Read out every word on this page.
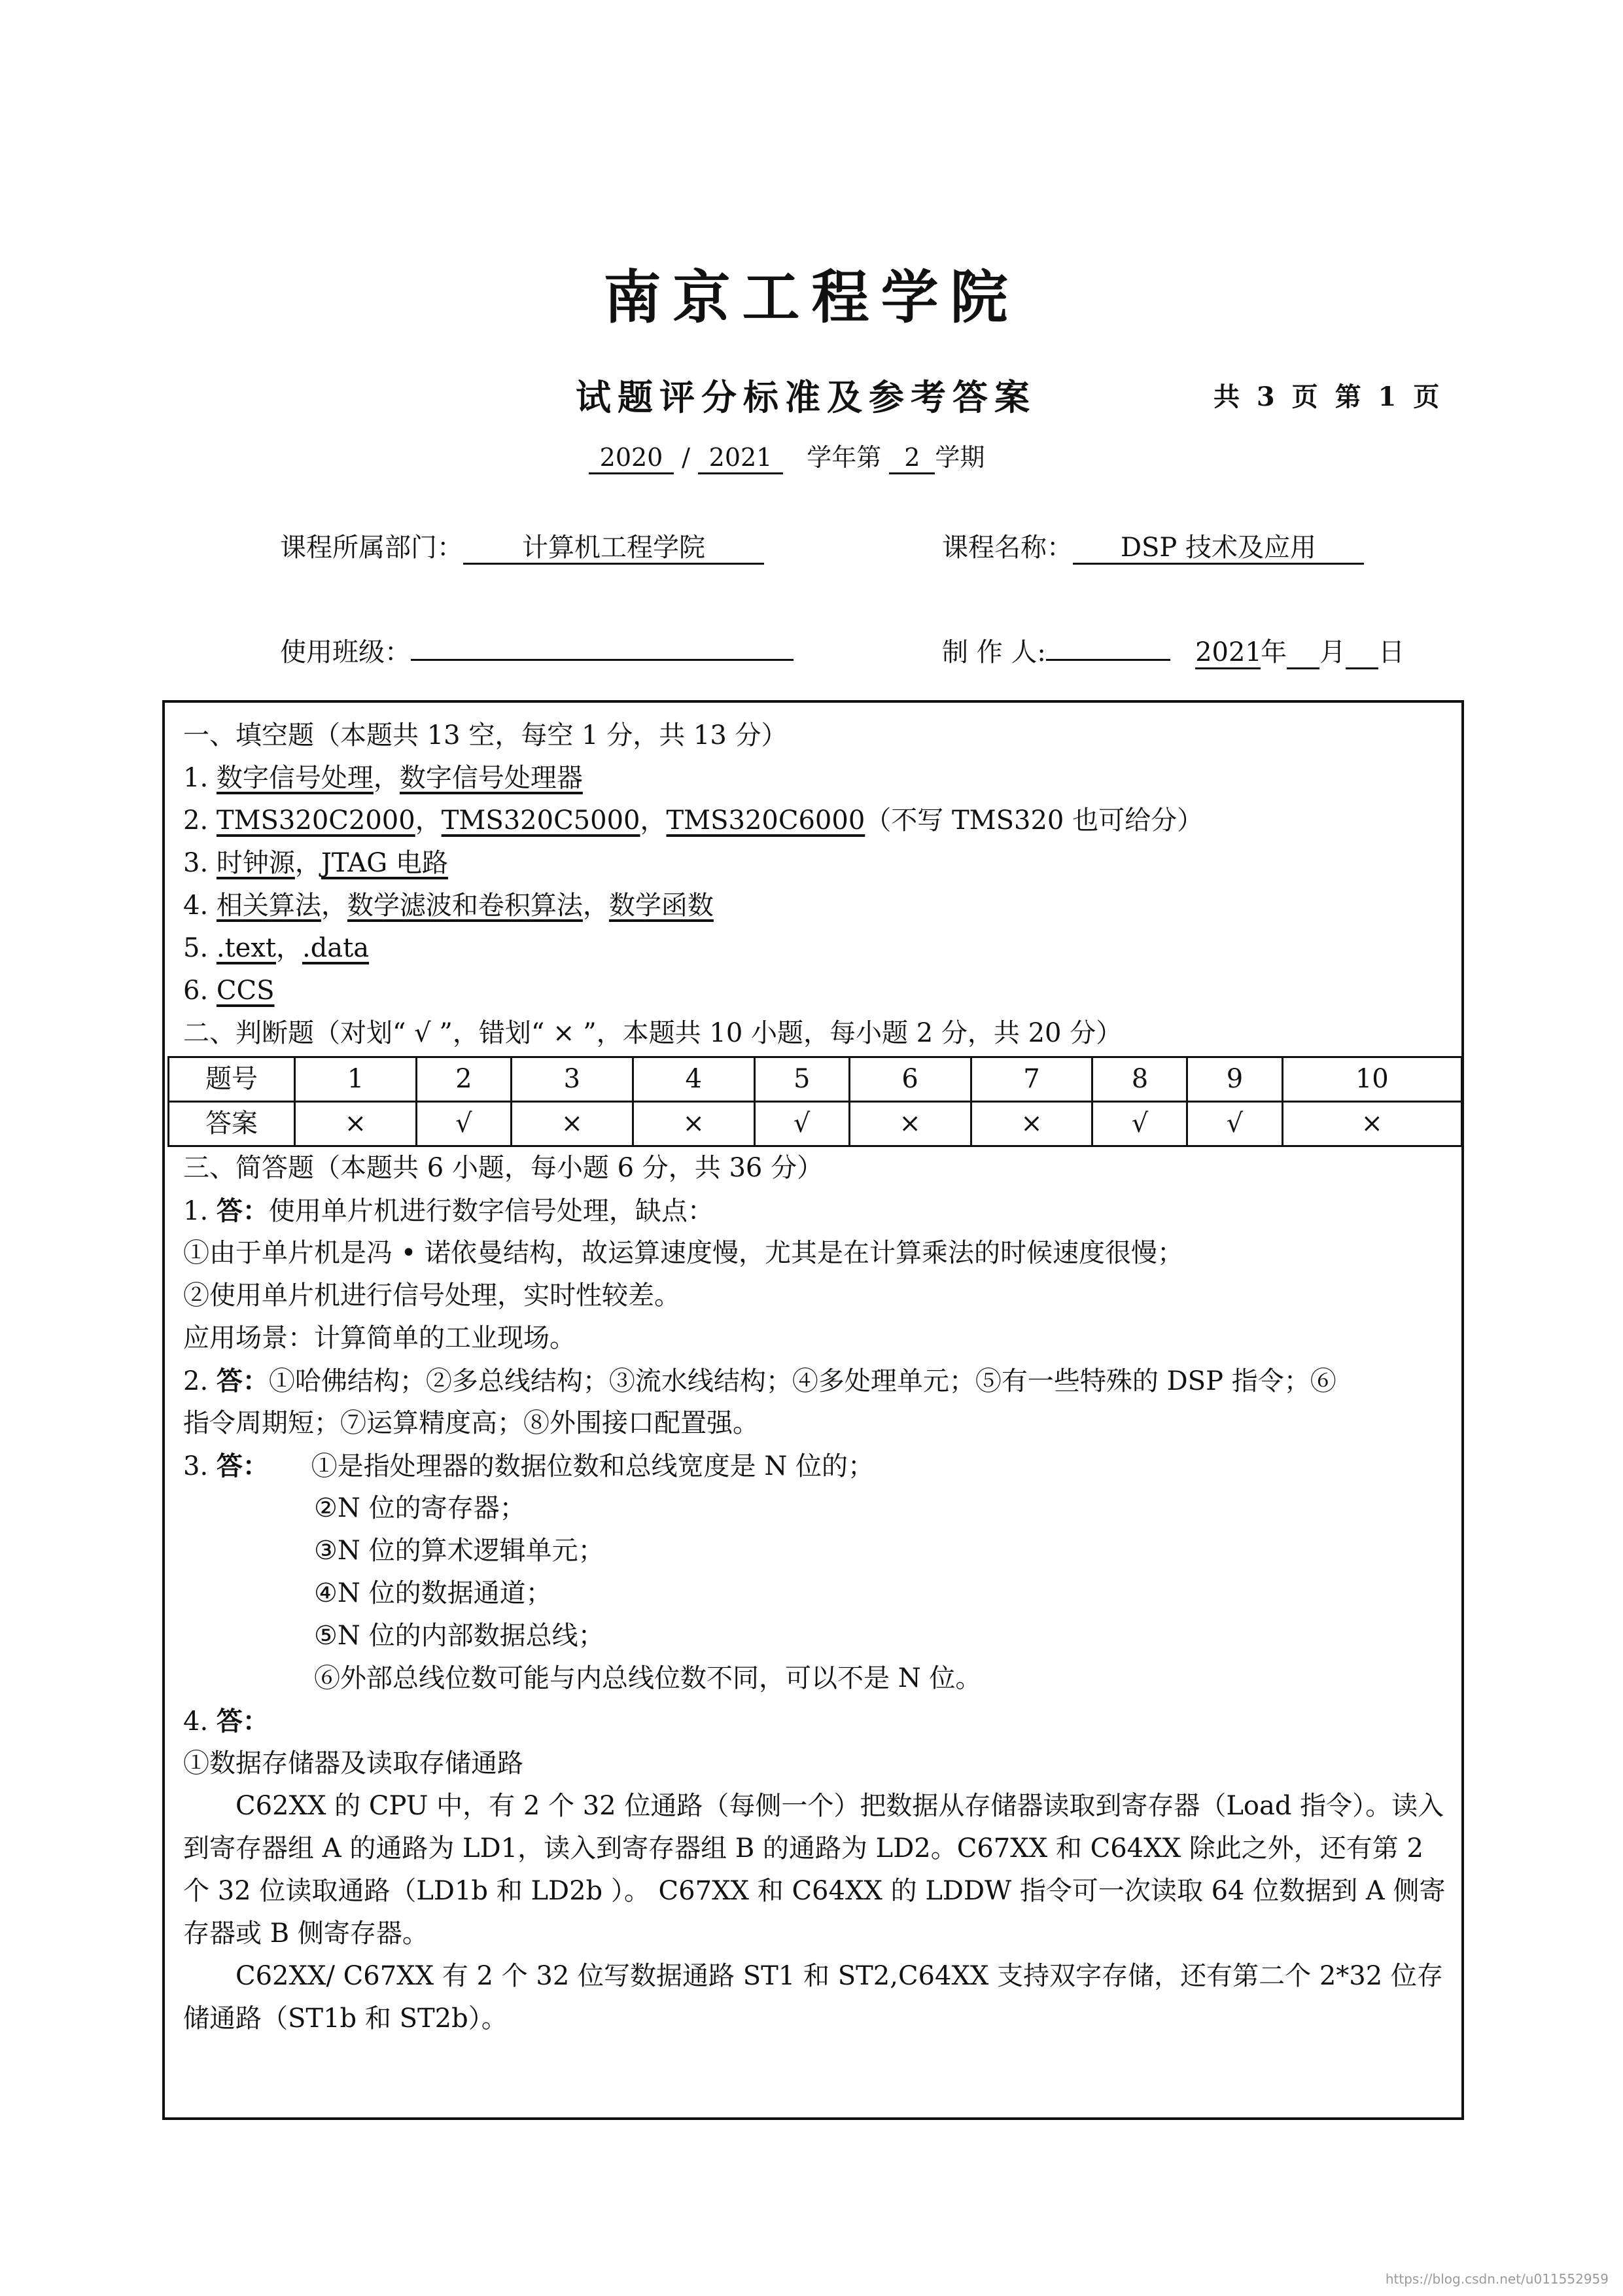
南京工程学院
试题评分标准及参考答案	共 3 页 第 1 页
2020 / 2021 学年第 2 学期
课程所属部门： 计算机工程学院	课程名称： DSP 技术及应用
使用班级：	制 作 人:	2021年 月 日
一、填空题（本题共 13 空，每空 1 分，共 13 分）
1. 数字信号处理，数字信号处理器
2. TMS320C2000，TMS320C5000，TMS320C6000（不写 TMS320 也可给分）
3. 时钟源，JTAG 电路
4. 相关算法，数学滤波和卷积算法，数学函数
5. .text，.data
6. CCS
二、判断题（对划“ √ ”，错划“ × ”，本题共 10 小题，每小题 2 分，共 20 分）
题号	1	2	3	4	5	6	7	8	9	10
答案	×	√	×	×	√	×	×	√	√	×
三、简答题（本题共 6 小题，每小题 6 分，共 36 分）
1. 答：使用单片机进行数字信号处理，缺点：
①由于单片机是冯 • 诺依曼结构，故运算速度慢，尤其是在计算乘法的时候速度很慢；
②使用单片机进行信号处理，实时性较差。
应用场景：计算简单的工业现场。
2. 答：①哈佛结构；②多总线结构；③流水线结构；④多处理单元；⑤有一些特殊的 DSP 指令；⑥
指令周期短；⑦运算精度高；⑧外围接口配置强。
3. 答： ①是指处理器的数据位数和总线宽度是 N 位的；
②N 位的寄存器；
③N 位的算术逻辑单元；
④N 位的数据通道；
⑤N 位的内部数据总线；
⑥外部总线位数可能与内总线位数不同，可以不是 N 位。
4. 答：
①数据存储器及读取存储通路
C62XX 的 CPU 中，有 2 个 32 位通路（每侧一个）把数据从存储器读取到寄存器（Load 指令）。读入到寄存器组 A 的通路为 LD1，读入到寄存器组 B 的通路为 LD2。C67XX 和 C64XX 除此之外，还有第 2 个 32 位读取通路（LD1b 和 LD2b ）。 C67XX 和 C64XX 的 LDDW 指令可一次读取 64 位数据到 A 侧寄存器或 B 侧寄存器。
C62XX/ C67XX 有 2 个 32 位写数据通路 ST1 和 ST2,C64XX 支持双字存储，还有第二个 2*32 位存储通路（ST1b 和 ST2b）。
https://blog.csdn.net/u011552959
